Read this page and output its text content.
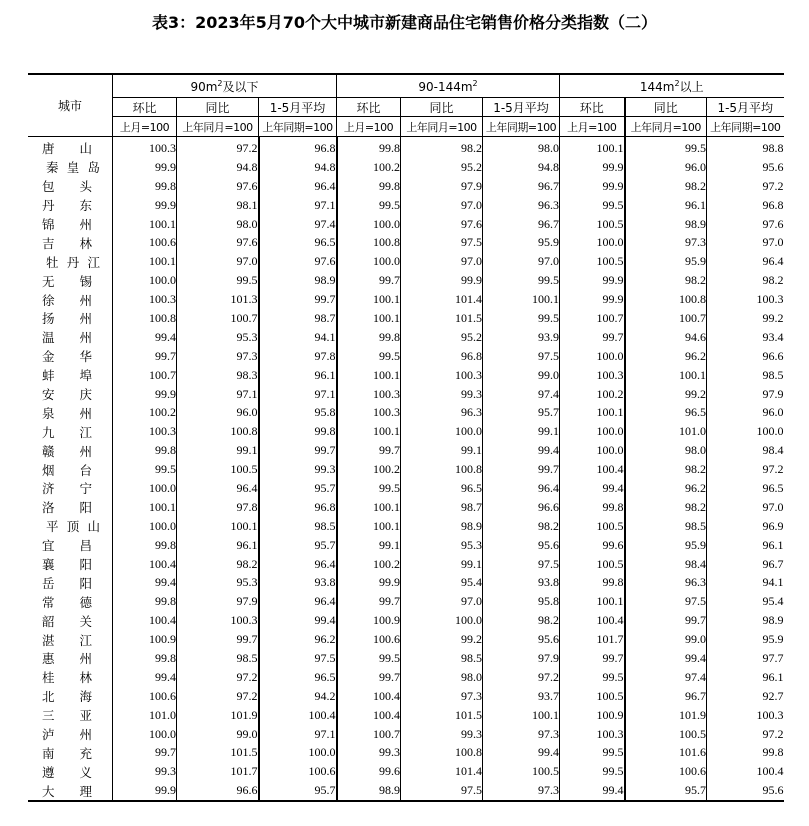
表3：2023年5月70个大中城市新建商品住宅销售价格分类指数（二）
城市	$90m^2$及以下			$90-144m^2$			$144m^2$以上		
	环比	同比	1-5月平均	环比	同比	1-5月平均	环比	同比	1-5月平均
	上月=100	上年同月=100	上年同期=100	上月=100	上年同月=100	上年同期=100	上月=100	上年同月=100	上年同期=100

唐 山	100.3	97.2	96.8	99.8	98.2	98.0	100.1	99.5	98.8

秦 皇 岛	99.9	94.8	94.8	100.2	95.2	94.8	99.9	96.0	95.6

包 头	99.8	97.6	96.4	99.8	97.9	96.7	99.9	98.2	97.2

丹 东	99.9	98.1	97.1	99.5	97.0	96.3	99.5	96.1	96.8

锦 州	100.1	98.0	97.4	100.0	97.6	96.7	100.5	98.9	97.6

吉 林	100.6	97.6	96.5	100.8	97.5	95.9	100.0	97.3	97.0

牡 丹 江	100.1	97.0	97.6	100.0	97.0	97.0	100.5	95.9	96.4

无 锡	100.0	99.5	98.9	99.7	99.9	99.5	99.9	98.2	98.2

徐 州	100.3	101.3	99.7	100.1	101.4	100.1	99.9	100.8	100.3

扬 州	100.8	100.7	98.7	100.1	101.5	99.5	100.7	100.7	99.2

温 州	99.4	95.3	94.1	99.8	95.2	93.9	99.7	94.6	93.4

金 华	99.7	97.3	97.8	99.5	96.8	97.5	100.0	96.2	96.6

蚌 埠	100.7	98.3	96.1	100.1	100.3	99.0	100.3	100.1	98.5

安 庆	99.9	97.1	97.1	100.3	99.3	97.4	100.2	99.2	97.9

泉 州	100.2	96.0	95.8	100.3	96.3	95.7	100.1	96.5	96.0

九 江	100.3	100.8	99.8	100.1	100.0	99.1	100.0	101.0	100.0

赣 州	99.8	99.1	99.7	99.7	99.1	99.4	100.0	98.0	98.4

烟 台	99.5	100.5	99.3	100.2	100.8	99.7	100.4	98.2	97.2

济 宁	100.0	96.4	95.7	99.5	96.5	96.4	99.4	96.2	96.5

洛 阳	100.1	97.8	96.8	100.1	98.7	96.6	99.8	98.2	97.0

平 顶 山	100.0	100.1	98.5	100.1	98.9	98.2	100.5	98.5	96.9

宜 昌	99.8	96.1	95.7	99.1	95.3	95.6	99.6	95.9	96.1

襄 阳	100.4	98.2	96.4	100.2	99.1	97.5	100.5	98.4	96.7

岳 阳	99.4	95.3	93.8	99.9	95.4	93.8	99.8	96.3	94.1

常 德	99.8	97.9	96.4	99.7	97.0	95.8	100.1	97.5	95.4

韶 关	100.4	100.3	99.4	100.9	100.0	98.2	100.4	99.7	98.9

湛 江	100.9	99.7	96.2	100.6	99.2	95.6	101.7	99.0	95.9

惠 州	99.8	98.5	97.5	99.5	98.5	97.9	99.7	99.4	97.7

桂 林	99.4	97.2	96.5	99.7	98.0	97.2	99.5	97.4	96.1

北 海	100.6	97.2	94.2	100.4	97.3	93.7	100.5	96.7	92.7

三 亚	101.0	101.9	100.4	100.4	101.5	100.1	100.9	101.9	100.3

泸 州	100.0	99.0	97.1	100.7	99.3	97.3	100.3	100.5	97.2

南 充	99.7	101.5	100.0	99.3	100.8	99.4	99.5	101.6	99.8

遵 义	99.3	101.7	100.6	99.6	101.4	100.5	99.5	100.6	100.4

大 理	99.9	96.6	95.7	98.9	97.5	97.3	99.4	95.7	95.6
